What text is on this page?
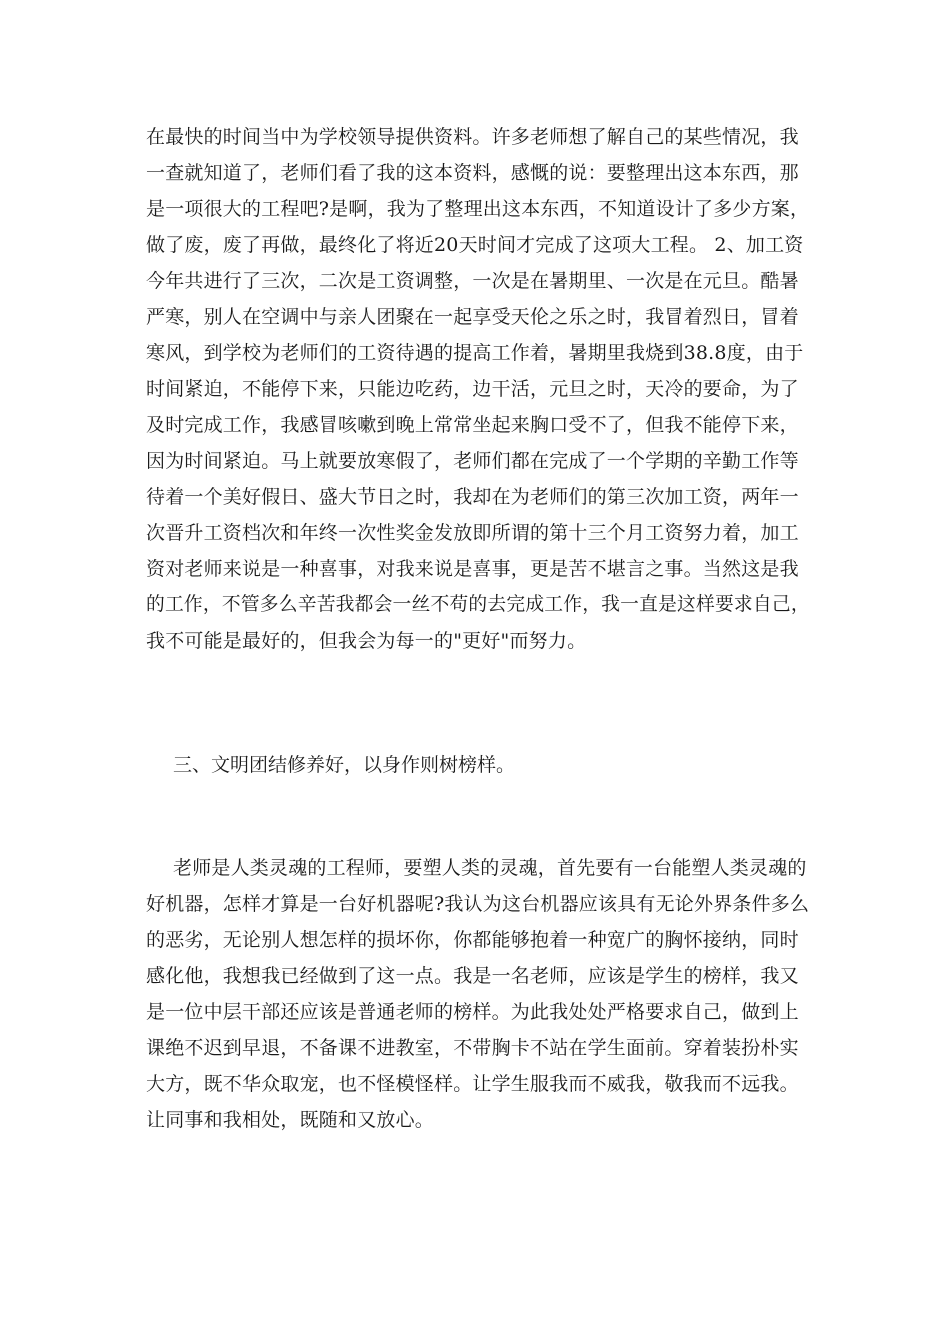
在最快的时间当中为学校领导提供资料。许多老师想了解自己的某些情况，我
一查就知道了，老师们看了我的这本资料，感慨的说：要整理出这本东西，那
是一项很大的工程吧?是啊，我为了整理出这本东西，不知道设计了多少方案，
做了废，废了再做，最终化了将近20天时间才完成了这项大工程。 2、加工资
今年共进行了三次，二次是工资调整，一次是在暑期里、一次是在元旦。酷暑
严寒，别人在空调中与亲人团聚在一起享受天伦之乐之时，我冒着烈日，冒着
寒风，到学校为老师们的工资待遇的提高工作着，暑期里我烧到38.8度，由于
时间紧迫，不能停下来，只能边吃药，边干活，元旦之时，天冷的要命，为了
及时完成工作，我感冒咳嗽到晚上常常坐起来胸口受不了，但我不能停下来，
因为时间紧迫。马上就要放寒假了，老师们都在完成了一个学期的辛勤工作等
待着一个美好假日、盛大节日之时，我却在为老师们的第三次加工资，两年一
次晋升工资档次和年终一次性奖金发放即所谓的第十三个月工资努力着，加工
资对老师来说是一种喜事，对我来说是喜事，更是苦不堪言之事。当然这是我
的工作，不管多么辛苦我都会一丝不苟的去完成工作，我一直是这样要求自己，
我不可能是最好的，但我会为每一的"更好"而努力。
三、文明团结修养好，以身作则树榜样。
老师是人类灵魂的工程师，要塑人类的灵魂，首先要有一台能塑人类灵魂的
好机器，怎样才算是一台好机器呢?我认为这台机器应该具有无论外界条件多么
的恶劣，无论别人想怎样的损坏你，你都能够抱着一种宽广的胸怀接纳，同时
感化他，我想我已经做到了这一点。我是一名老师，应该是学生的榜样，我又
是一位中层干部还应该是普通老师的榜样。为此我处处严格要求自己，做到上
课绝不迟到早退，不备课不进教室，不带胸卡不站在学生面前。穿着装扮朴实
大方，既不华众取宠，也不怪模怪样。让学生服我而不威我，敬我而不远我。
让同事和我相处，既随和又放心。
